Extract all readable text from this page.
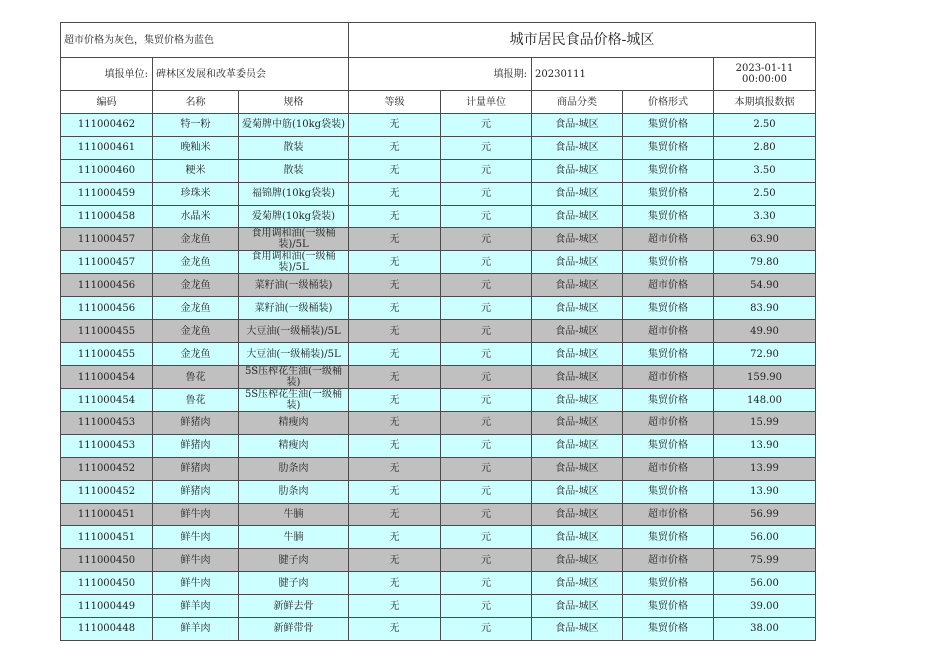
超市价格为灰色，集贸价格为蓝色			城市居民食品价格-城区				
填报单位:	碑林区发展和改革委员会		填报期:		20230111		2023-01-11 00:00:00
编码	名称	规格	等级	计量单位	商品分类	价格形式	本期填报数据
111000462	特一粉	爱菊牌中筋(10kg袋装)	无	元	食品-城区	集贸价格	2.50
111000461	晚籼米	散装	无	元	食品-城区	集贸价格	2.80
111000460	粳米	散装	无	元	食品-城区	集贸价格	3.50
111000459	珍珠米	福锦牌(10kg袋装)	无	元	食品-城区	集贸价格	2.50
111000458	水晶米	爱菊牌(10kg袋装)	无	元	食品-城区	集贸价格	3.30
111000457	金龙鱼	食用调和油(一级桶装)/5L	无	元	食品-城区	超市价格	63.90
111000457	金龙鱼	食用调和油(一级桶装)/5L	无	元	食品-城区	集贸价格	79.80
111000456	金龙鱼	菜籽油(一级桶装)	无	元	食品-城区	超市价格	54.90
111000456	金龙鱼	菜籽油(一级桶装)	无	元	食品-城区	集贸价格	83.90
111000455	金龙鱼	大豆油(一级桶装)/5L	无	元	食品-城区	超市价格	49.90
111000455	金龙鱼	大豆油(一级桶装)/5L	无	元	食品-城区	集贸价格	72.90
111000454	鲁花	5S压榨花生油(一级桶装)	无	元	食品-城区	超市价格	159.90
111000454	鲁花	5S压榨花生油(一级桶装)	无	元	食品-城区	集贸价格	148.00
111000453	鲜猪肉	精瘦肉	无	元	食品-城区	超市价格	15.99
111000453	鲜猪肉	精瘦肉	无	元	食品-城区	集贸价格	13.90
111000452	鲜猪肉	肋条肉	无	元	食品-城区	超市价格	13.99
111000452	鲜猪肉	肋条肉	无	元	食品-城区	集贸价格	13.90
111000451	鲜牛肉	牛腩	无	元	食品-城区	超市价格	56.99
111000451	鲜牛肉	牛腩	无	元	食品-城区	集贸价格	56.00
111000450	鲜牛肉	腱子肉	无	元	食品-城区	超市价格	75.99
111000450	鲜牛肉	腱子肉	无	元	食品-城区	集贸价格	56.00
111000449	鲜羊肉	新鲜去骨	无	元	食品-城区	集贸价格	39.00
111000448	鲜羊肉	新鲜带骨	无	元	食品-城区	集贸价格	38.00
